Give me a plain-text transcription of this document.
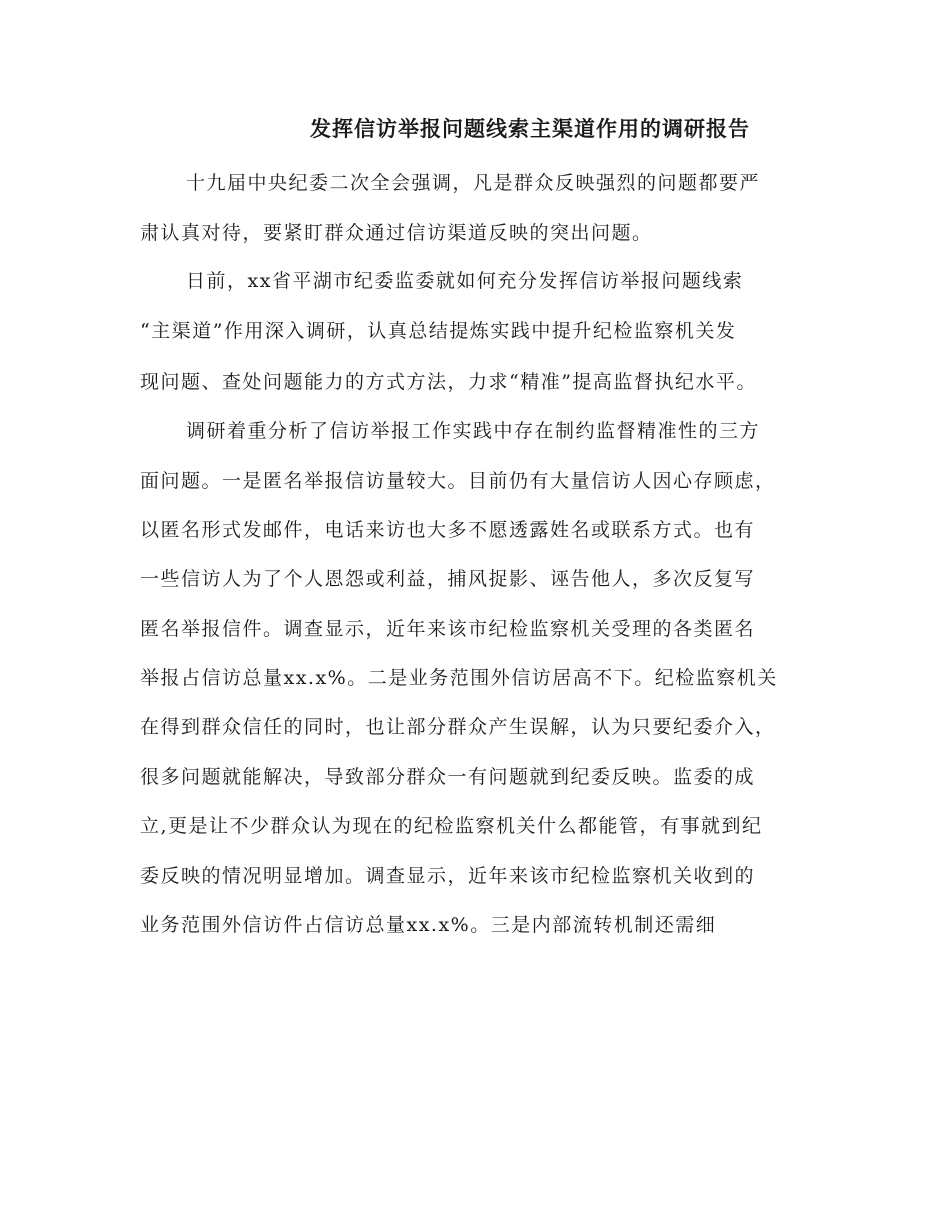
发挥信访举报问题线索主渠道作用的调研报告
十九届中央纪委二次全会强调，凡是群众反映强烈的问题都要严
肃认真对待，要紧盯群众通过信访渠道反映的突出问题。
日前，xx省平湖市纪委监委就如何充分发挥信访举报问题线索
“主渠道”作用深入调研，认真总结提炼实践中提升纪检监察机关发
现问题、查处问题能力的方式方法，力求“精准”提高监督执纪水平。
调研着重分析了信访举报工作实践中存在制约监督精准性的三方
面问题。一是匿名举报信访量较大。目前仍有大量信访人因心存顾虑，
以匿名形式发邮件，电话来访也大多不愿透露姓名或联系方式。也有
一些信访人为了个人恩怨或利益，捕风捉影、诬告他人，多次反复写
匿名举报信件。调查显示，近年来该市纪检监察机关受理的各类匿名
举报占信访总量xx.x%。二是业务范围外信访居高不下。纪检监察机关
在得到群众信任的同时，也让部分群众产生误解，认为只要纪委介入，
很多问题就能解决，导致部分群众一有问题就到纪委反映。监委的成
立,更是让不少群众认为现在的纪检监察机关什么都能管，有事就到纪
委反映的情况明显增加。调查显示，近年来该市纪检监察机关收到的
业务范围外信访件占信访总量xx.x%。三是内部流转机制还需细
